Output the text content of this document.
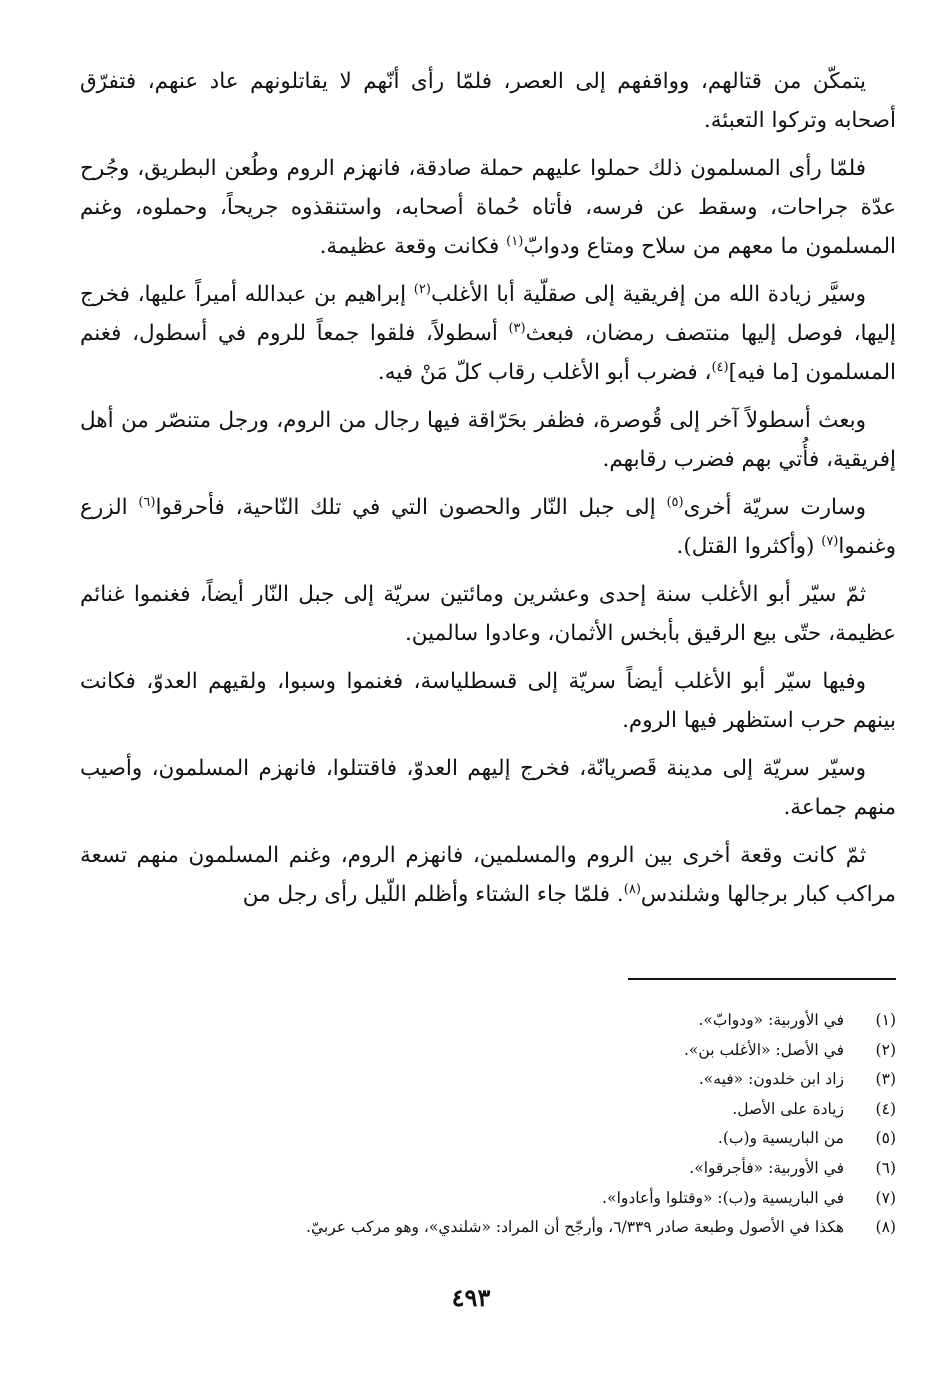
يتمكّن من قتالهم، وواقفهم إلى العصر، فلمّا رأى أنّهم لا يقاتلونهم عاد عنهم، فتفرّق أصحابه وتركوا التعبئة.

فلمّا رأى المسلمون ذلك حملوا عليهم حملة صادقة، فانهزم الروم وطُعن البطريق، وجُرح عدّة جراحات، وسقط عن فرسه، فأتاه حُماة أصحابه، واستنقذوه جريحاً، وحملوه، وغنم المسلمون ما معهم من سلاح ومتاع ودوابّ$^{(١)}$ فكانت وقعة عظيمة.

وسيَّر زيادة الله من إفريقية إلى صقلّية أبا الأغلب$^{(٢)}$ إبراهيم بن عبدالله أميراً عليها، فخرج إليها، فوصل إليها منتصف رمضان، فبعث$^{(٣)}$ أسطولاً، فلقوا جمعاً للروم في أسطول، فغنم المسلمون [ما فيه]$^{(٤)}$، فضرب أبو الأغلب رقاب كلّ مَنْ فيه.

وبعث أسطولاً آخر إلى قُوصرة، فظفر بحَرّاقة فيها رجال من الروم، ورجل متنصّر من أهل إفريقية، فأُتي بهم فضرب رقابهم.

وسارت سريّة أخرى$^{(٥)}$ إلى جبل النّار والحصون التي في تلك النّاحية، فأحرقوا$^{(٦)}$ الزرع وغنموا$^{(٧)}$ (وأكثروا القتل).

ثمّ سيّر أبو الأغلب سنة إحدى وعشرين ومائتين سريّة إلى جبل النّار أيضاً، فغنموا غنائم عظيمة، حتّى بيع الرقيق بأبخس الأثمان، وعادوا سالمين.

وفيها سيّر أبو الأغلب أيضاً سريّة إلى قسطلياسة، فغنموا وسبوا، ولقيهم العدوّ، فكانت بينهم حرب استظهر فيها الروم.

وسيّر سريّة إلى مدينة قَصريانّة، فخرج إليهم العدوّ، فاقتتلوا، فانهزم المسلمون، وأصيب منهم جماعة.

ثمّ كانت وقعة أخرى بين الروم والمسلمين، فانهزم الروم، وغنم المسلمون منهم تسعة مراكب كبار برجالها وشلندس$^{(٨)}$. فلمّا جاء الشتاء وأظلم اللّيل رأى رجل من

(١)
في الأوربية: «ودوابّ».
(٢)
في الأصل: «الأغلب بن».
(٣)
زاد ابن خلدون: «فيه».
(٤)
زيادة على الأصل.
(٥)
من الباريسية و(ب).
(٦)
في الأوربية: «فأجرقوا».
(٧)
في الباريسية و(ب): «وقتلوا وأعادوا».
(٨)
هكذا في الأصول وطبعة صادر ٦/٣٣٩، وأرجّح أن المراد: «شلندي»، وهو مركب عربيّ.
٤٩٣
